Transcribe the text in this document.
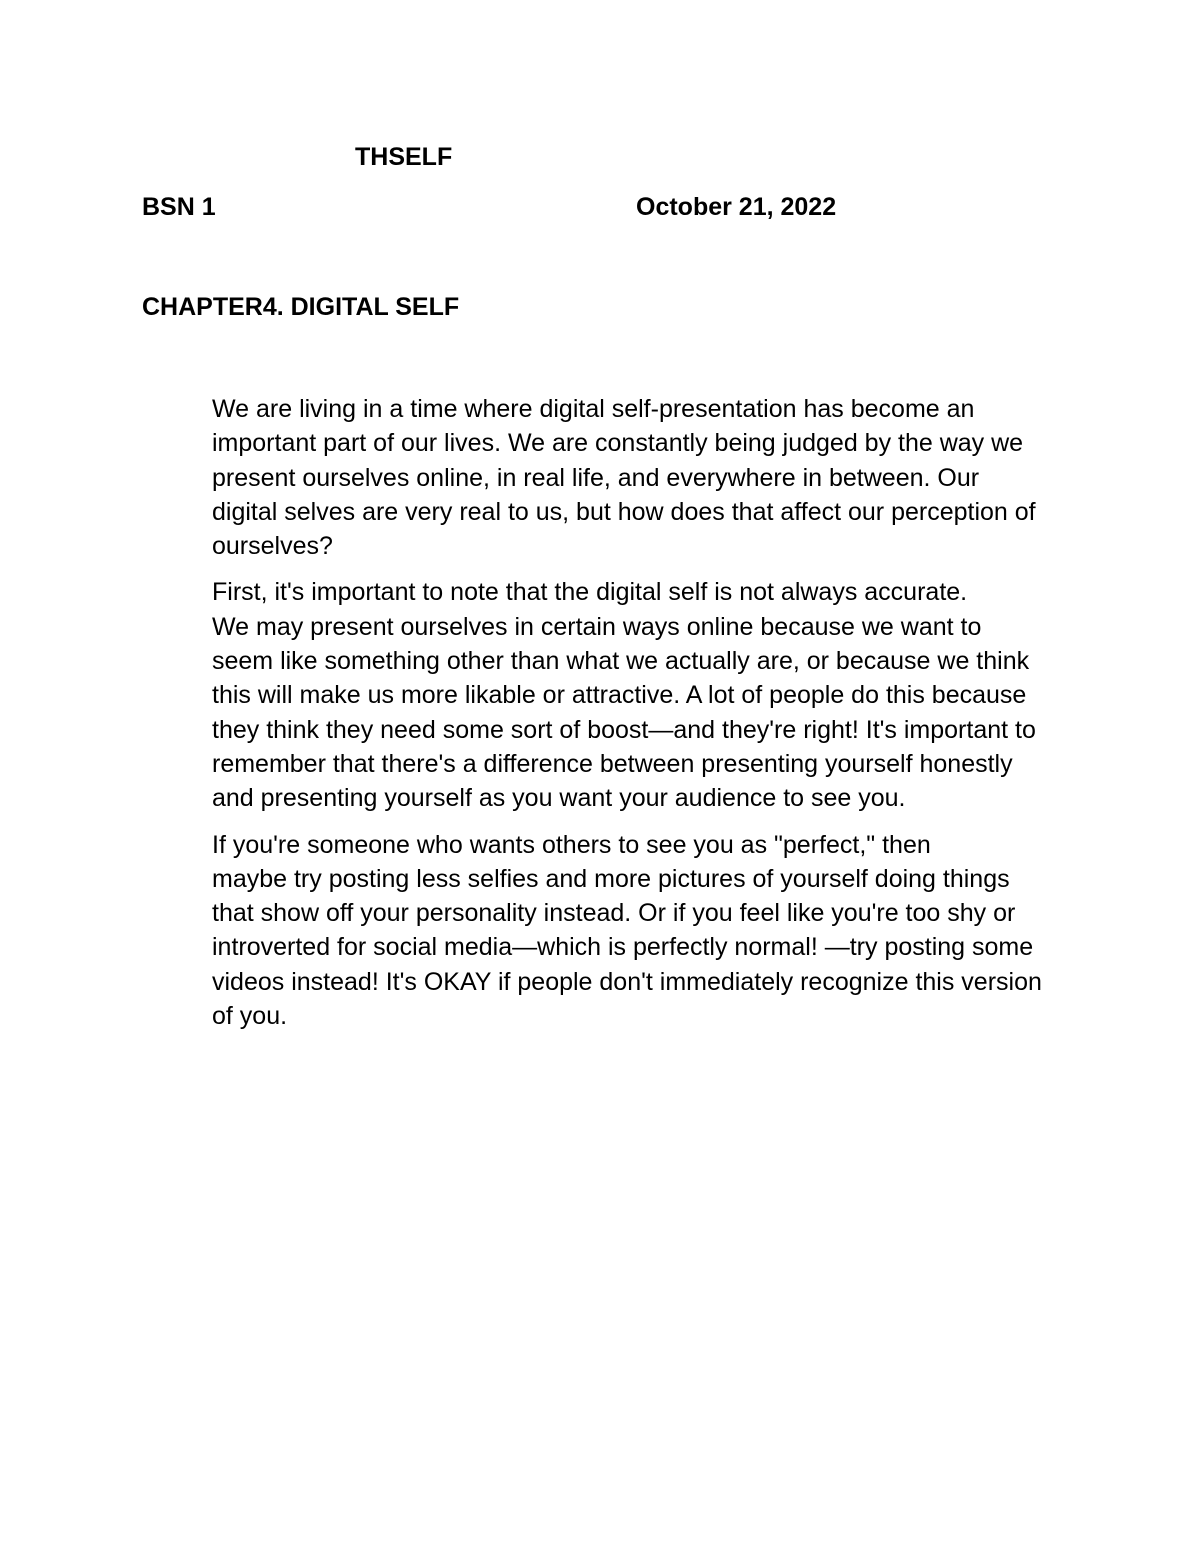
THSELF
BSN 1	October 21, 2022
CHAPTER4. DIGITAL SELF

We are living in a time where digital self-presentation has become an
important part of our lives. We are constantly being judged by the way we
present ourselves online, in real life, and everywhere in between. Our
digital selves are very real to us, but how does that affect our perception of
ourselves?

First, it's important to note that the digital self is not always accurate.
We may present ourselves in certain ways online because we want to
seem like something other than what we actually are, or because we think
this will make us more likable or attractive. A lot of people do this because
they think they need some sort of boost—and they're right! It's important to
remember that there's a difference between presenting yourself honestly
and presenting yourself as you want your audience to see you.

If you're someone who wants others to see you as "perfect," then
maybe try posting less selfies and more pictures of yourself doing things
that show off your personality instead. Or if you feel like you're too shy or
introverted for social media—which is perfectly normal! —try posting some
videos instead! It's OKAY if people don't immediately recognize this version
of you.
